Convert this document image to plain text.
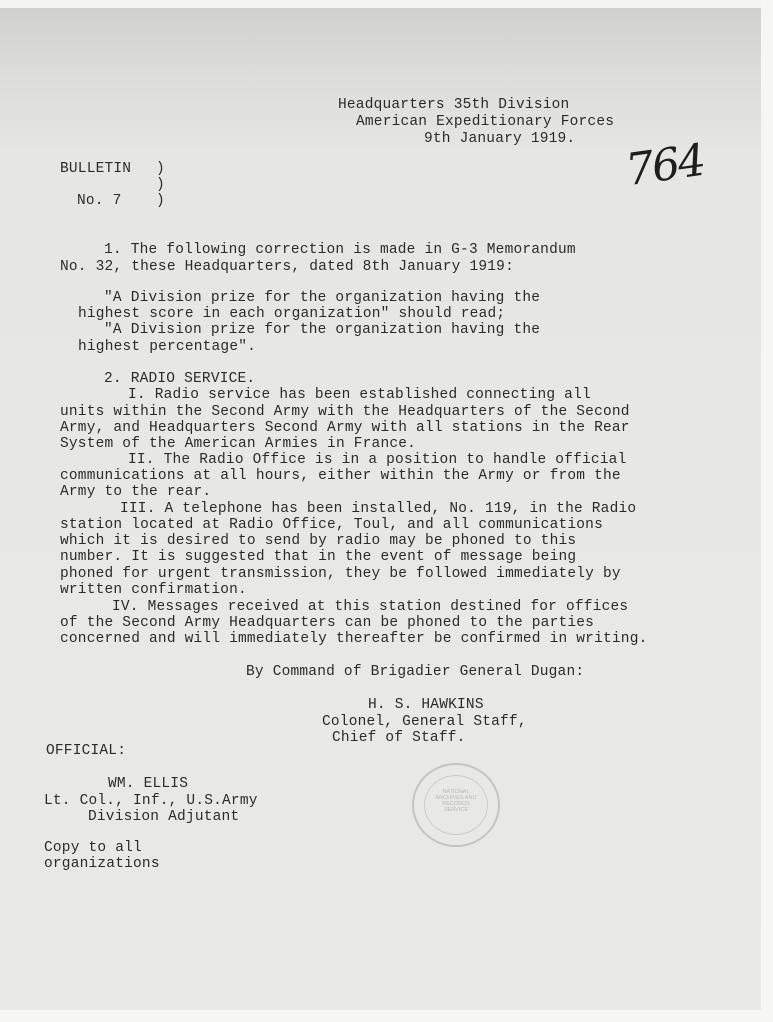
Headquarters 35th Division
American Expeditionary Forces
9th January 1919. 764
BULLETIN
No. 7
)
)
)
1. The following correction is made in G-3 Memorandum
No. 32, these Headquarters, dated 8th January 1919:
"A Division prize for the organization having the
highest score in each organization" should read;
"A Division prize for the organization having the
highest percentage".
2. RADIO SERVICE.
I. Radio service has been established connecting all
units within the Second Army with the Headquarters of the Second
Army, and Headquarters Second Army with all stations in the Rear
System of the American Armies in France.
II. The Radio Office is in a position to handle official
communications at all hours, either within the Army or from the
Army to the rear.
III. A telephone has been installed, No. 119, in the Radio
station located at Radio Office, Toul, and all communications
which it is desired to send by radio may be phoned to this
number. It is suggested that in the event of message being
phoned for urgent transmission, they be followed immediately by
written confirmation.
IV. Messages received at this station destined for offices
of the Second Army Headquarters can be phoned to the parties
concerned and will immediately thereafter be confirmed in writing.
By Command of Brigadier General Dugan:
H. S. HAWKINS
Colonel, General Staff,
Chief of Staff.
OFFICIAL:
WM. ELLIS
Lt. Col., Inf., U.S.Army
Division Adjutant
Copy to all
organizations
NATIONAL ARCHIVES AND RECORDS SERVICE
